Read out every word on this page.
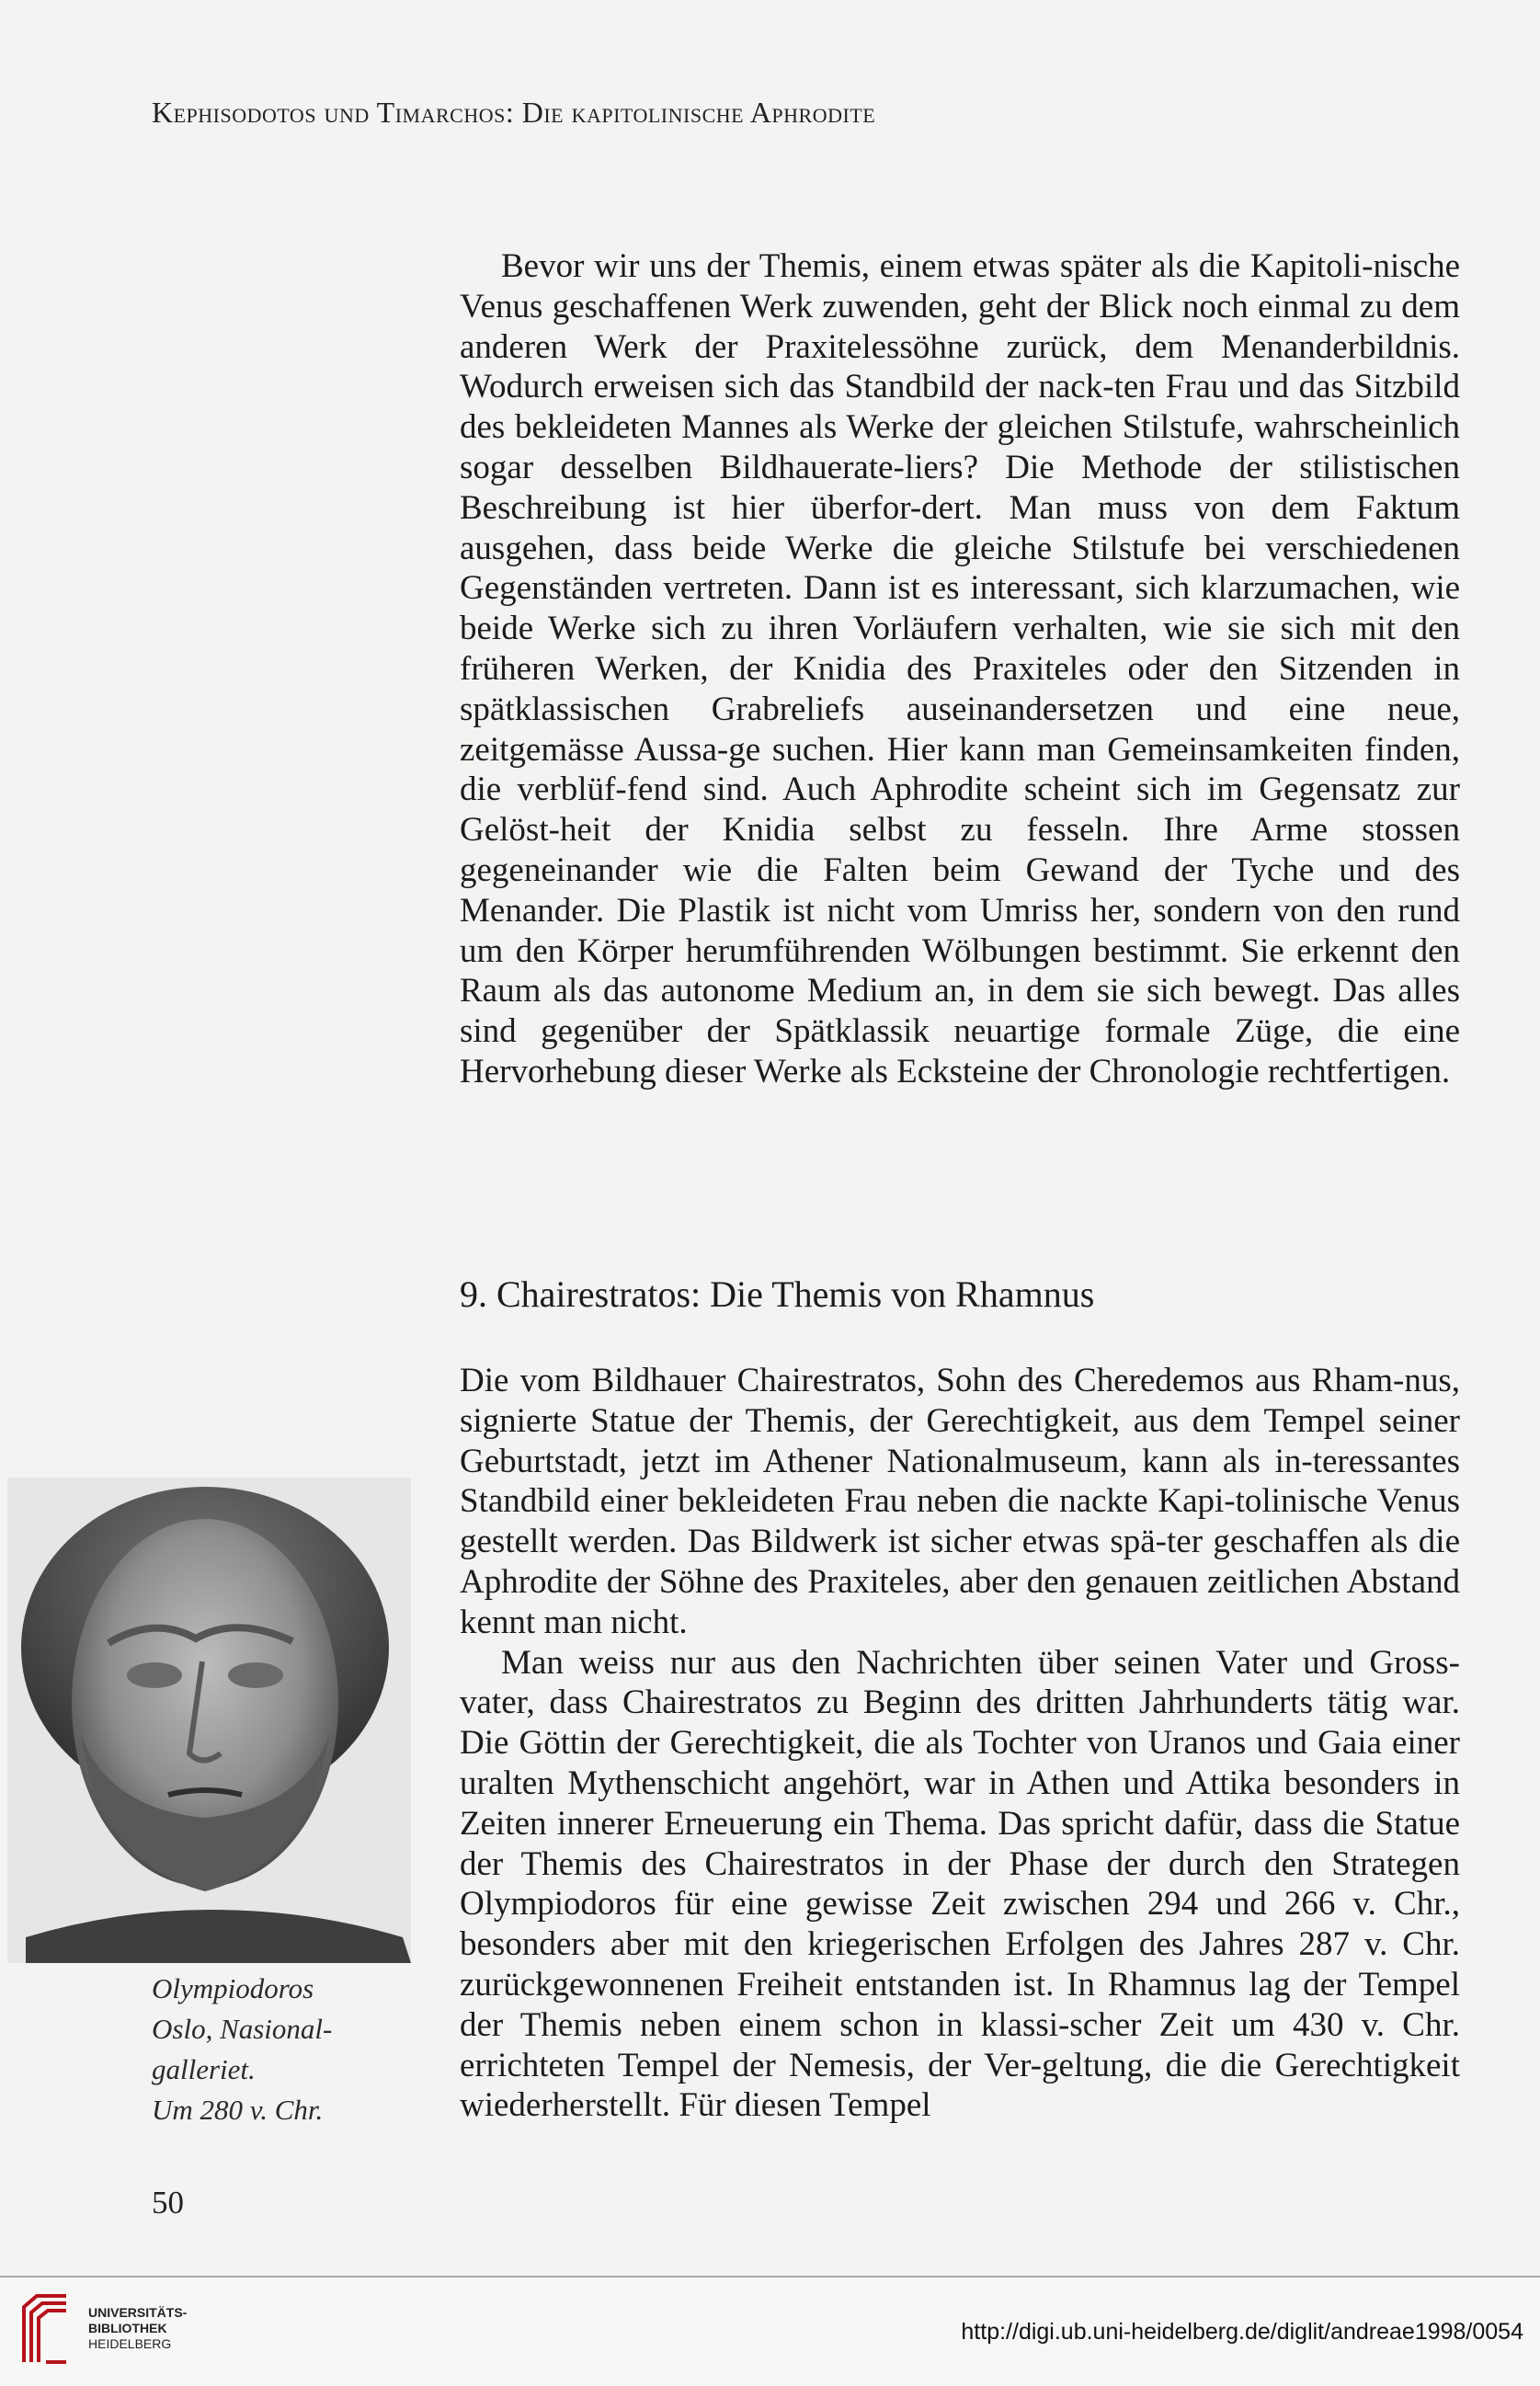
Kephisodotos und Timarchos: Die kapitolinische Aphrodite

Bevor wir uns der Themis, einem etwas später als die Kapitoli-nische Venus geschaffenen Werk zuwenden, geht der Blick noch einmal zu dem anderen Werk der Praxitelessöhne zurück, dem Menanderbildnis. Wodurch erweisen sich das Standbild der nack-ten Frau und das Sitzbild des bekleideten Mannes als Werke der gleichen Stilstufe, wahrscheinlich sogar desselben Bildhauerate-liers? Die Methode der stilistischen Beschreibung ist hier überfor-dert. Man muss von dem Faktum ausgehen, dass beide Werke die gleiche Stilstufe bei verschiedenen Gegenständen vertreten. Dann ist es interessant, sich klarzumachen, wie beide Werke sich zu ihren Vorläufern verhalten, wie sie sich mit den früheren Werken, der Knidia des Praxiteles oder den Sitzenden in spätklassischen Grabreliefs auseinandersetzen und eine neue, zeitgemässe Aussa-ge suchen. Hier kann man Gemeinsamkeiten finden, die verblüf-fend sind. Auch Aphrodite scheint sich im Gegensatz zur Gelöst-heit der Knidia selbst zu fesseln. Ihre Arme stossen gegeneinander wie die Falten beim Gewand der Tyche und des Menander. Die Plastik ist nicht vom Umriss her, sondern von den rund um den Körper herumführenden Wölbungen bestimmt. Sie erkennt den Raum als das autonome Medium an, in dem sie sich bewegt. Das alles sind gegenüber der Spätklassik neuartige formale Züge, die eine Hervorhebung dieser Werke als Ecksteine der Chronologie rechtfertigen.

9. Chairestratos: Die Themis von Rhamnus

Die vom Bildhauer Chairestratos, Sohn des Cheredemos aus Rham-nus, signierte Statue der Themis, der Gerechtigkeit, aus dem Tempel seiner Geburtstadt, jetzt im Athener Nationalmuseum, kann als in-teressantes Standbild einer bekleideten Frau neben die nackte Kapi-tolinische Venus gestellt werden. Das Bildwerk ist sicher etwas spä-ter geschaffen als die Aphrodite der Söhne des Praxiteles, aber den genauen zeitlichen Abstand kennt man nicht.

Man weiss nur aus den Nachrichten über seinen Vater und Gross-vater, dass Chairestratos zu Beginn des dritten Jahrhunderts tätig war. Die Göttin der Gerechtigkeit, die als Tochter von Uranos und Gaia einer uralten Mythenschicht angehört, war in Athen und Attika besonders in Zeiten innerer Erneuerung ein Thema. Das spricht dafür, dass die Statue der Themis des Chairestratos in der Phase der durch den Strategen Olympiodoros für eine gewisse Zeit zwischen 294 und 266 v. Chr., besonders aber mit den kriegerischen Erfolgen des Jahres 287 v. Chr. zurückgewonnenen Freiheit entstanden ist. In Rhamnus lag der Tempel der Themis neben einem schon in klassi-scher Zeit um 430 v. Chr. errichteten Tempel der Nemesis, der Ver-geltung, die die Gerechtigkeit wiederherstellt. Für diesen Tempel

Olympiodoros
Oslo, Nasional-
galleriet.
Um 280 v. Chr.
50
UNIVERSITÄTS-
BIBLIOTHEK
HEIDELBERG	http://digi.ub.uni-heidelberg.de/diglit/andreae1998/0054
